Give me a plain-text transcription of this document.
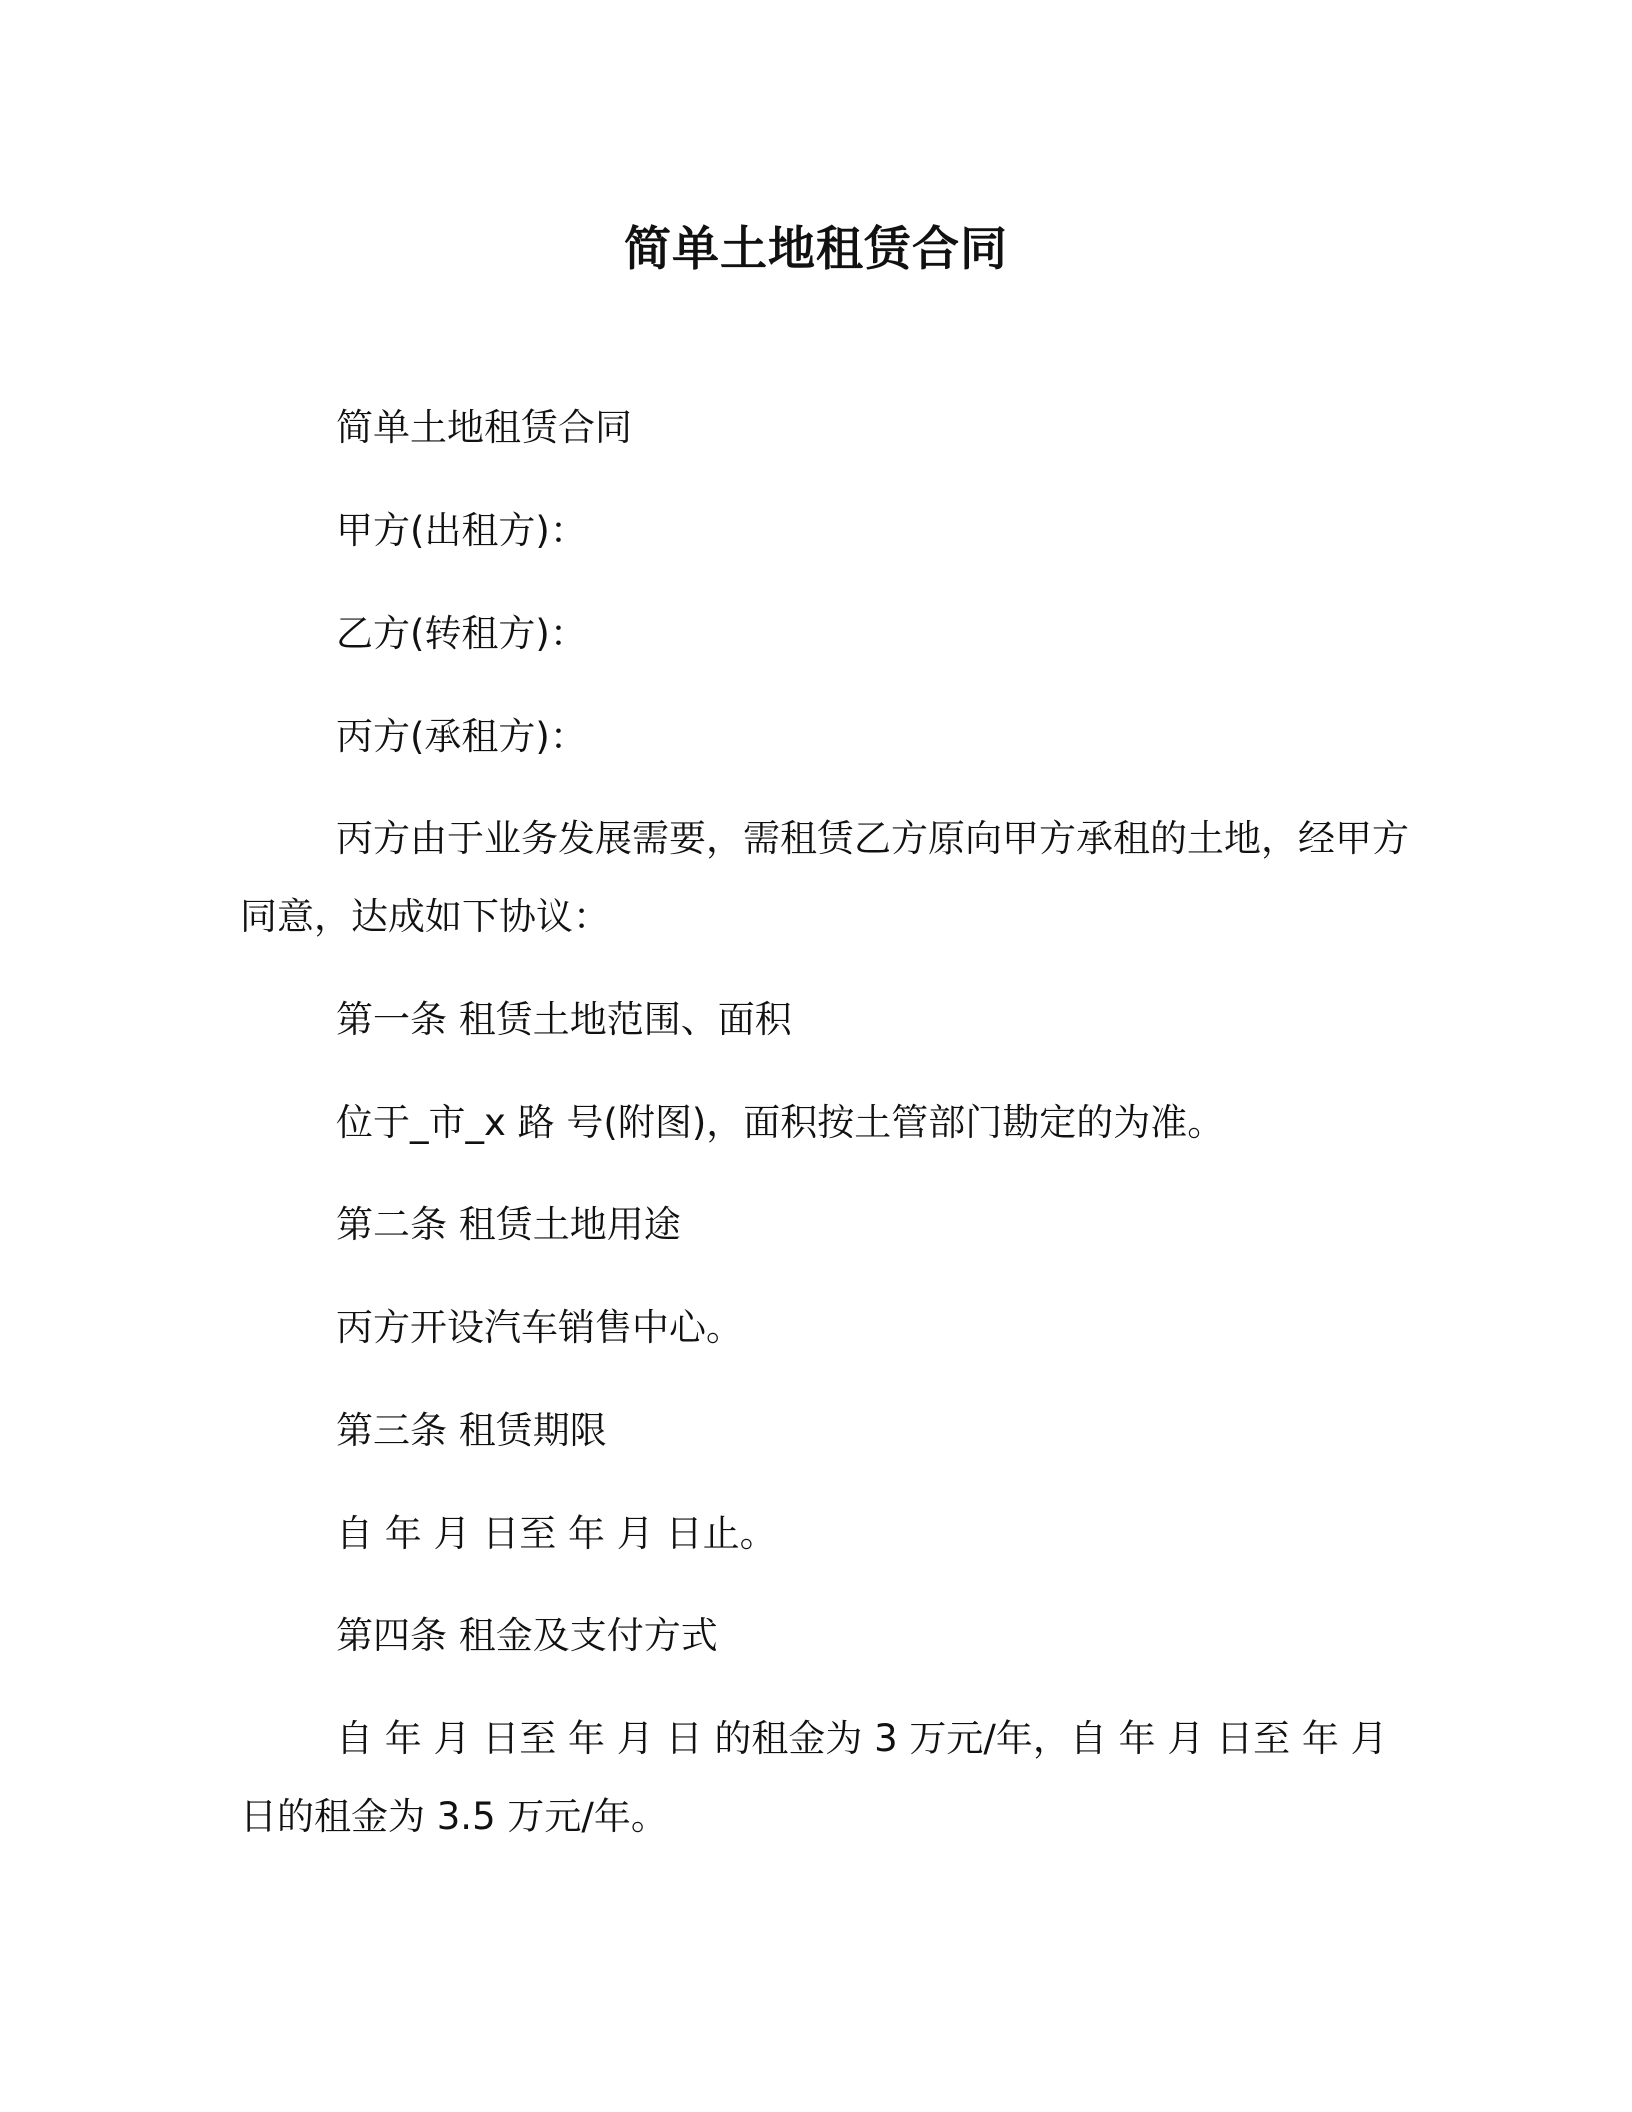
简单土地租赁合同
简单土地租赁合同
甲方(出租方)：
乙方(转租方)：
丙方(承租方)：
丙方由于业务发展需要，需租赁乙方原向甲方承租的土地，经甲方同意，达成如下协议：
第一条 租赁土地范围、面积
位于_市_x 路 号(附图)，面积按土管部门勘定的为准。
第二条 租赁土地用途
丙方开设汽车销售中心。
第三条 租赁期限
自 年 月 日至 年 月 日止。
第四条 租金及支付方式
自 年 月 日至 年 月 日 的租金为 3 万元/年，自 年 月 日至 年 月 日的租金为 3.5 万元/年。
